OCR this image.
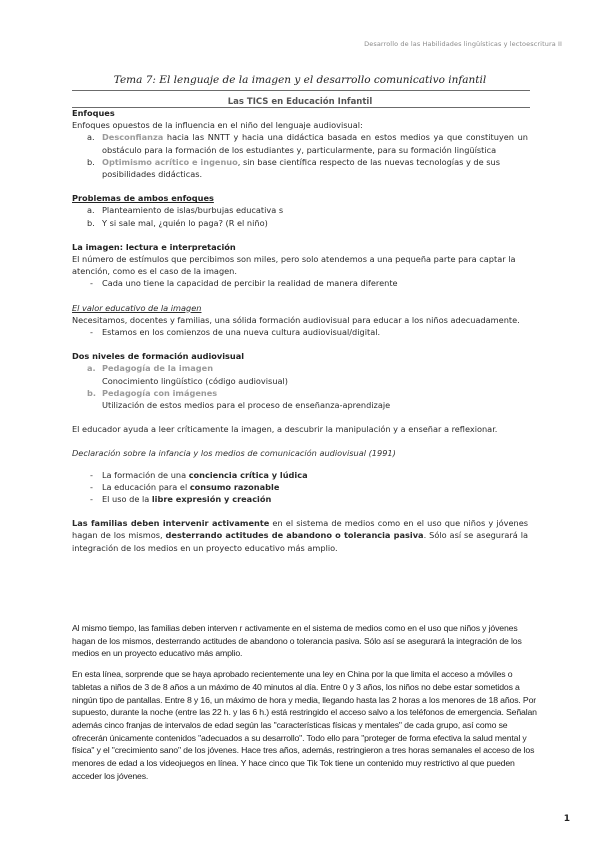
Desarrollo de las Habilidades lingüísticas y lectoescritura II
Tema 7: El lenguaje de la imagen y el desarrollo comunicativo infantil
Las TICS en Educación Infantil

Enfoques

Enfoques opuestos de la influencia en el niño del lenguaje audiovisual:

a. Desconfianza hacia las NNTT y hacia una didáctica basada en estos medios ya que constituyen un obstáculo para la formación de los estudiantes y, particularmente, para su formación lingüística
b. Optimismo acrítico e ingenuo, sin base científica respecto de las nuevas tecnologías y de sus posibilidades didácticas.

Problemas de ambos enfoques

a. Planteamiento de islas/burbujas educativa s
b. Y si sale mal, ¿quién lo paga? (R el niño)

La imagen: lectura e interpretación

El número de estímulos que percibimos son miles, pero solo atendemos a una pequeña parte para captar la atención, como es el caso de la imagen.

- Cada uno tiene la capacidad de percibir la realidad de manera diferente

El valor educativo de la imagen

Necesitamos, docentes y familias, una sólida formación audiovisual para educar a los niños adecuadamente.

- Estamos en los comienzos de una nueva cultura audiovisual/digital.

Dos niveles de formación audiovisual

a. Pedagogía de la imagen
Conocimiento lingüístico (código audiovisual)
b. Pedagogía con imágenes
Utilización de estos medios para el proceso de enseñanza-aprendizaje

El educador ayuda a leer críticamente la imagen, a descubrir la manipulación y a enseñar a reflexionar.

Declaración sobre la infancia y los medios de comunicación audiovisual (1991)

- La formación de una conciencia crítica y lúdica
- La educación para el consumo razonable
- El uso de la libre expresión y creación

Las familias deben intervenir activamente en el sistema de medios como en el uso que niños y jóvenes hagan de los mismos, desterrando actitudes de abandono o tolerancia pasiva. Sólo así se asegurará la integración de los medios en un proyecto educativo más amplio.

Al mismo tiempo, las familias deben interven r activamente en el sistema de medios como en el uso que niños y jóvenes hagan de los mismos, desterrando actitudes de abandono o tolerancia pasiva. Sólo así se asegurará la integración de los medios en un proyecto educativo más amplio.

En esta línea, sorprende que se haya aprobado recientemente una ley en China por la que limita el acceso a móviles o tabletas a niños de 3 de 8 años a un máximo de 40 minutos al día. Entre 0 y 3 años, los niños no debe estar sometidos a ningún tipo de pantallas. Entre 8 y 16, un máximo de hora y media, llegando hasta las 2 horas a los menores de 18 años. Por supuesto, durante la noche (entre las 22 h. y las 6 h.) está restringido el acceso salvo a los teléfonos de emergencia. Señalan además cinco franjas de intervalos de edad según las "características físicas y mentales" de cada grupo, así como se ofrecerán únicamente contenidos "adecuados a su desarrollo". Todo ello para "proteger de forma efectiva la salud mental y física" y el "crecimiento sano" de los jóvenes. Hace tres años, además, restringieron a tres horas semanales el acceso de los menores de edad a los videojuegos en línea. Y hace cinco que Tik Tok tiene un contenido muy restrictivo al que pueden acceder los jóvenes.

1
